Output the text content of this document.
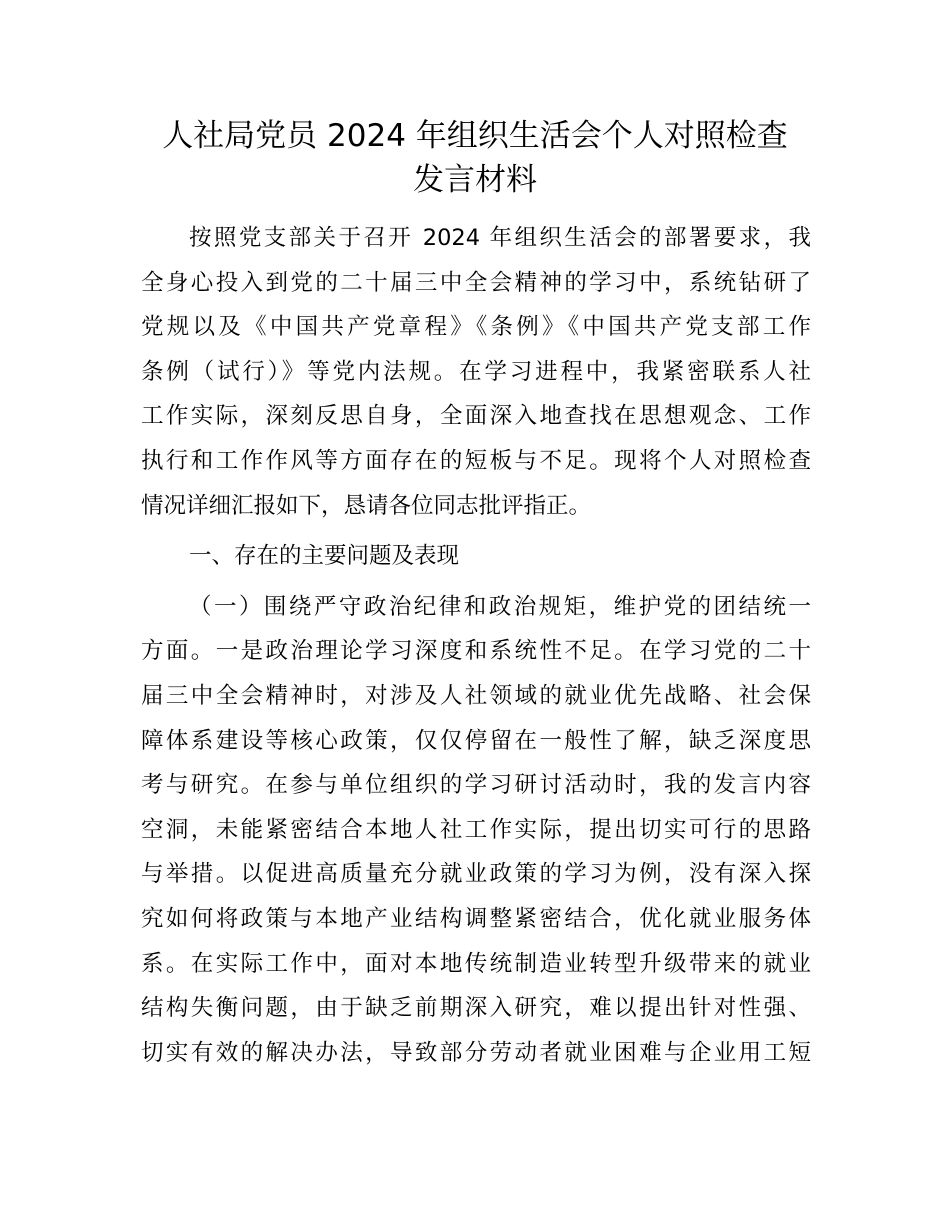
人社局党员 2024 年组织生活会个人对照检查
发言材料
按照党支部关于召开 2024 年组织生活会的部署要求，我
全身心投入到党的二十届三中全会精神的学习中，系统钻研了
党规以及《中国共产党章程》《条例》《中国共产党支部工作
条例（试行）》等党内法规。在学习进程中，我紧密联系人社
工作实际，深刻反思自身，全面深入地查找在思想观念、工作
执行和工作作风等方面存在的短板与不足。现将个人对照检查
情况详细汇报如下，恳请各位同志批评指正。
一、存在的主要问题及表现
（一）围绕严守政治纪律和政治规矩，维护党的团结统一
方面。一是政治理论学习深度和系统性不足。在学习党的二十
届三中全会精神时，对涉及人社领域的就业优先战略、社会保
障体系建设等核心政策，仅仅停留在一般性了解，缺乏深度思
考与研究。在参与单位组织的学习研讨活动时，我的发言内容
空洞，未能紧密结合本地人社工作实际，提出切实可行的思路
与举措。以促进高质量充分就业政策的学习为例，没有深入探
究如何将政策与本地产业结构调整紧密结合，优化就业服务体
系。在实际工作中，面对本地传统制造业转型升级带来的就业
结构失衡问题，由于缺乏前期深入研究，难以提出针对性强、
切实有效的解决办法，导致部分劳动者就业困难与企业用工短
